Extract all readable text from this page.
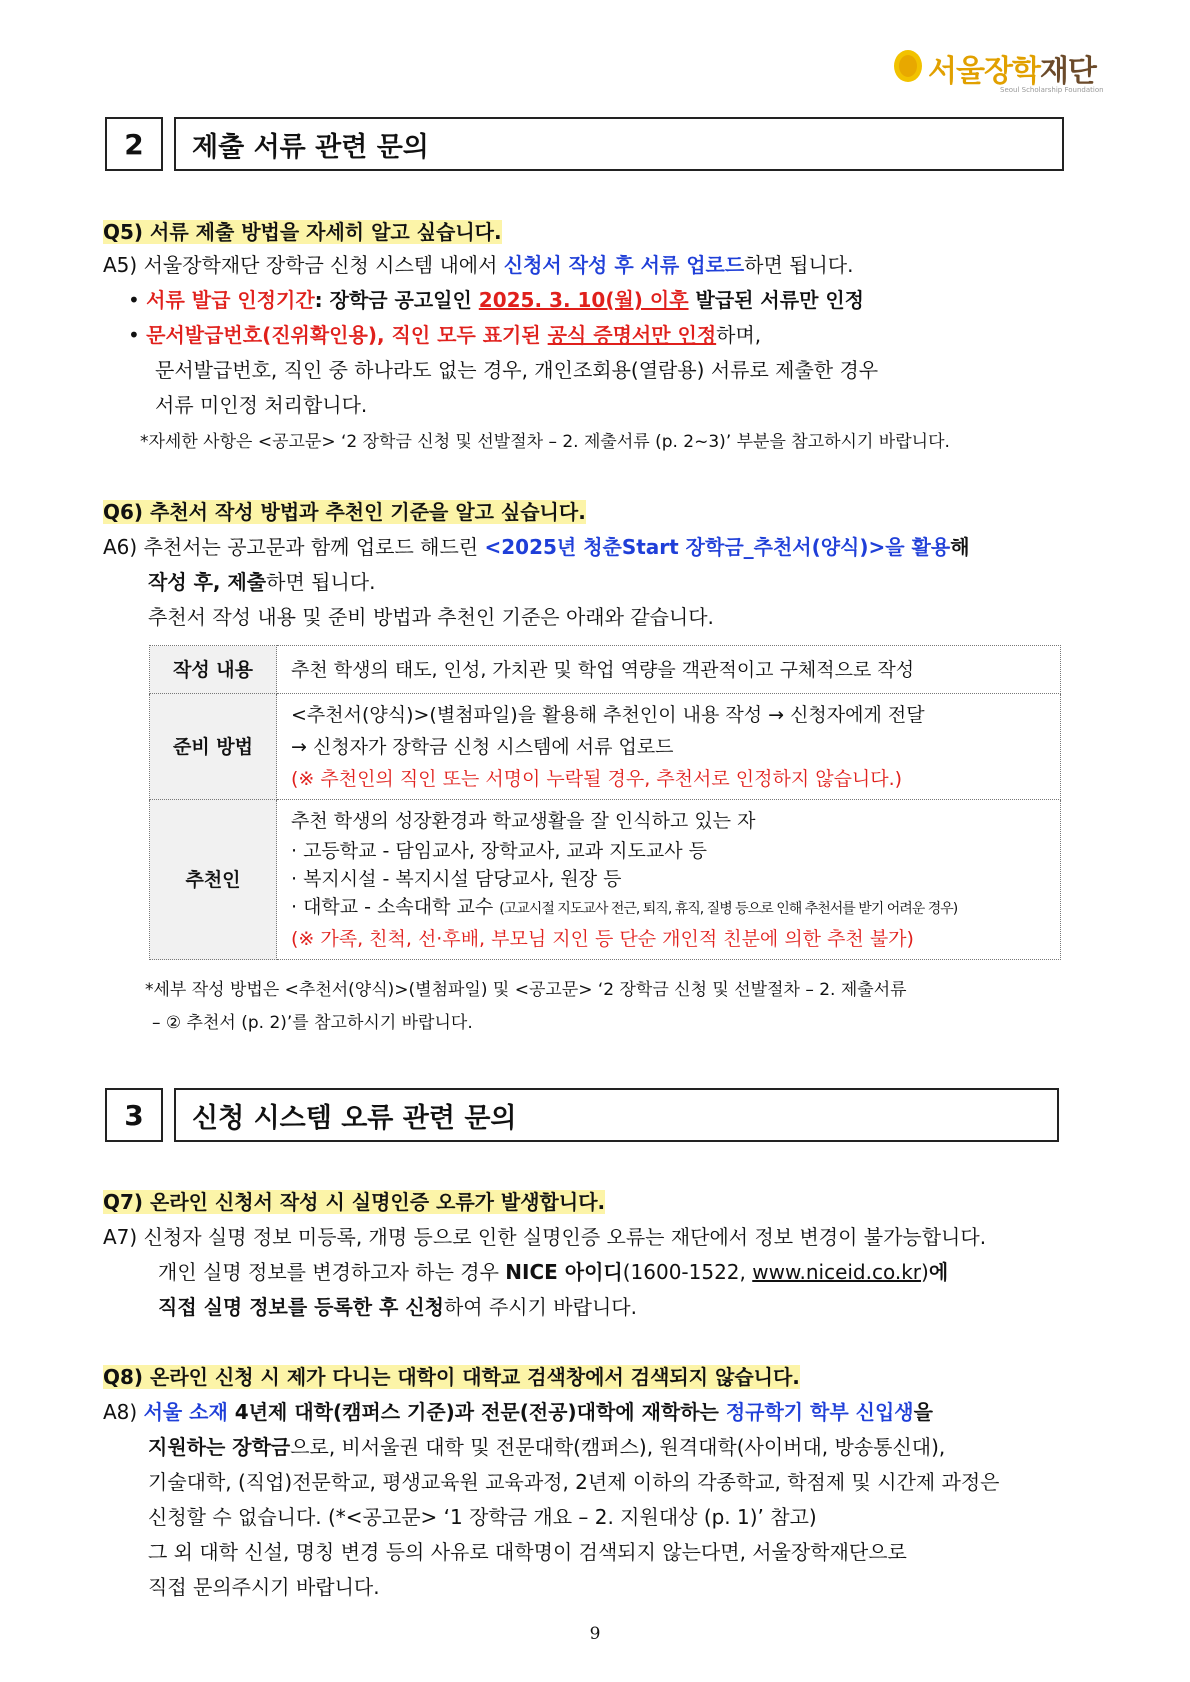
서울장학재단
Seoul Scholarship Foundation
2	제출 서류 관련 문의
Q5) 서류 제출 방법을 자세히 알고 싶습니다.
A5) 서울장학재단 장학금 신청 시스템 내에서 신청서 작성 후 서류 업로드하면 됩니다.
• 서류 발급 인정기간: 장학금 공고일인 2025. 3. 10(월) 이후 발급된 서류만 인정
• 문서발급번호(진위확인용), 직인 모두 표기된 공식 증명서만 인정하며,
문서발급번호, 직인 중 하나라도 없는 경우, 개인조회용(열람용) 서류로 제출한 경우
서류 미인정 처리합니다.
*자세한 사항은 <공고문> ‘2 장학금 신청 및 선발절차 – 2. 제출서류 (p. 2~3)’ 부분을 참고하시기 바랍니다.
Q6) 추천서 작성 방법과 추천인 기준을 알고 싶습니다.
A6) 추천서는 공고문과 함께 업로드 해드린 <2025년 청춘Start 장학금_추천서(양식)>을 활용해
작성 후, 제출하면 됩니다.
추천서 작성 내용 및 준비 방법과 추천인 기준은 아래와 같습니다.
작성 내용	추천 학생의 태도, 인성, 가치관 및 학업 역량을 객관적이고 구체적으로 작성
준비 방법	<추천서(양식)>(별첨파일)을 활용해 추천인이 내용 작성 → 신청자에게 전달
→ 신청자가 장학금 신청 시스템에 서류 업로드
(※ 추천인의 직인 또는 서명이 누락될 경우, 추천서로 인정하지 않습니다.)

추천인	추천 학생의 성장환경과 학교생활을 잘 인식하고 있는 자
· 고등학교 - 담임교사, 장학교사, 교과 지도교사 등
· 복지시설 - 복지시설 담당교사, 원장 등
· 대학교 - 소속대학 교수 (고교시절 지도교사 전근, 퇴직, 휴직, 질병 등으로 인해 추천서를 받기 어려운 경우)
(※ 가족, 친척, 선·후배, 부모님 지인 등 단순 개인적 친분에 의한 추천 불가)
*세부 작성 방법은 <추천서(양식)>(별첨파일) 및 <공고문> ‘2 장학금 신청 및 선발절차 – 2. 제출서류
– ② 추천서 (p. 2)’를 참고하시기 바랍니다.
3	신청 시스템 오류 관련 문의
Q7) 온라인 신청서 작성 시 실명인증 오류가 발생합니다.
A7) 신청자 실명 정보 미등록, 개명 등으로 인한 실명인증 오류는 재단에서 정보 변경이 불가능합니다.
개인 실명 정보를 변경하고자 하는 경우 NICE 아이디(1600-1522, www.niceid.co.kr)에
직접 실명 정보를 등록한 후 신청하여 주시기 바랍니다.
Q8) 온라인 신청 시 제가 다니는 대학이 대학교 검색창에서 검색되지 않습니다.
A8) 서울 소재 4년제 대학(캠퍼스 기준)과 전문(전공)대학에 재학하는 정규학기 학부 신입생을
지원하는 장학금으로, 비서울권 대학 및 전문대학(캠퍼스), 원격대학(사이버대, 방송통신대),
기술대학, (직업)전문학교, 평생교육원 교육과정, 2년제 이하의 각종학교, 학점제 및 시간제 과정은
신청할 수 없습니다. (*<공고문> ‘1 장학금 개요 – 2. 지원대상 (p. 1)’ 참고)
그 외 대학 신설, 명칭 변경 등의 사유로 대학명이 검색되지 않는다면, 서울장학재단으로
직접 문의주시기 바랍니다.
9
